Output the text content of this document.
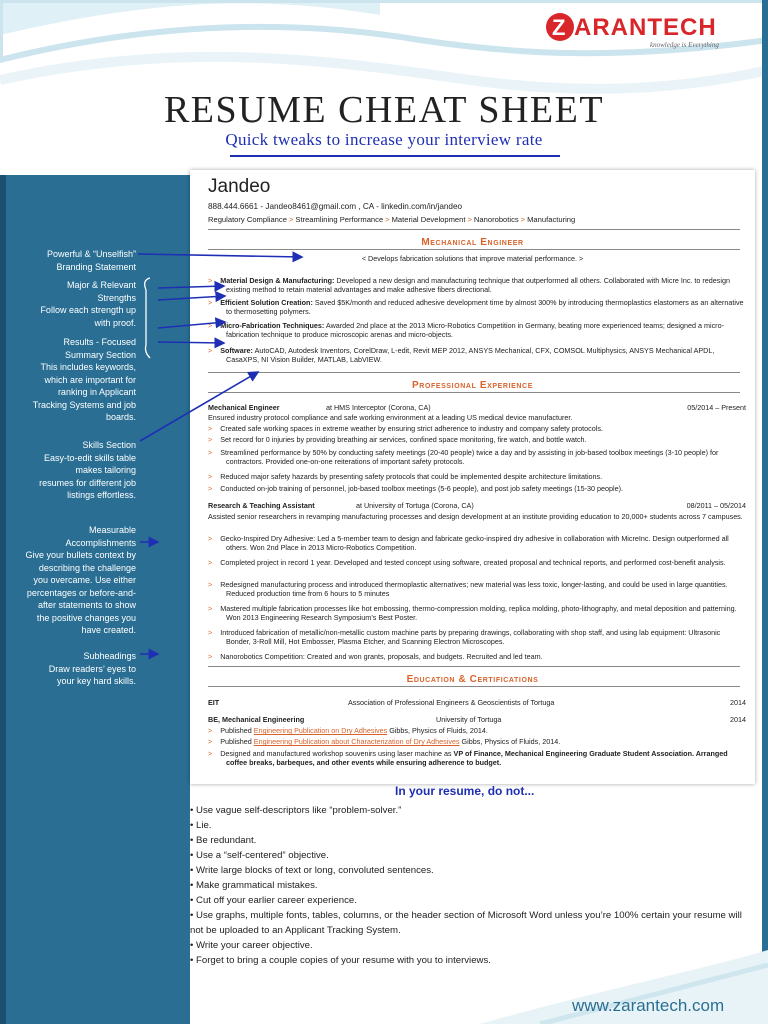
Z ARANTECH
knowledge is Everything
RESUME CHEAT SHEET
Quick tweaks to increase your interview rate
Powerful & “Unselfish”
Branding Statement
Major & Relevant
Strengths
Follow each strength up
with proof.
Results - Focused
Summary Section
This includes keywords,
which are important for
ranking in Applicant
Tracking Systems and job
boards.
Skills Section
Easy-to-edit skills table
makes tailoring
resumes for different job
listings effortless.
Measurable
Accomplishments
Give your bullets context by
describing the challenge
you overcame. Use either
percentages or before-and-
after statements to show
the positive changes you
have created.
Subheadings
Draw readers’ eyes to
your key hard skills.
Jandeo
888.444.6661 - Jandeo8461@gmail.com , CA - linkedin.com/in/jandeo
Regulatory Compliance > Streamlining Performance > Material Development > Nanorobotics > Manufacturing
Mechanical Engineer
< Develops fabrication solutions that improve material performance. >
> Material Design & Manufacturing: Developed a new design and manufacturing technique that outperformed all others. Collaborated with Micre Inc. to redesign existing method to retain material advantages and make adhesive fibers directional.
> Efficient Solution Creation: Saved $5K/month and reduced adhesive development time by almost 300% by introducing thermoplastics elastomers as an alternative to thermosetting polymers.
> Micro-Fabrication Techniques: Awarded 2nd place at the 2013 Micro-Robotics Competition in Germany, beating more experienced teams; designed a micro-fabrication technique to produce microscopic arenas and micro-objects.
> Software: AutoCAD, Autodesk Inventors, CorelDraw, L-edit, Revit MEP 2012, ANSYS Mechanical, CFX, COMSOL Multiphysics, ANSYS Mechanical APDL, CasaXPS, NI Vision Builder, MATLAB, LabVIEW.
Professional Experience
Mechanical Engineer	at HMS Interceptor (Corona, CA)	05/2014 – Present
Ensured industry protocol compliance and safe working environment at a leading US medical device manufacturer.
> Created safe working spaces in extreme weather by ensuring strict adherence to industry and company safety protocols.
> Set record for 0 injuries by providing breathing air services, confined space monitoring, fire watch, and bottle watch.
> Streamlined performance by 50% by conducting safety meetings (20-40 people) twice a day and by assisting in job-based toolbox meetings (3-10 people) for contractors. Provided one-on-one reiterations of important safety protocols.
> Reduced major safety hazards by presenting safety protocols that could be implemented despite architecture limitations.
> Conducted on-job training of personnel, job-based toolbox meetings (5-6 people), and post job safety meetings (15-30 people).
Research & Teaching Assistant	at University of Tortuga (Corona, CA)	08/2011 – 05/2014
Assisted senior researchers in revamping manufacturing processes and design development at an institute providing education to 20,000+ students across 7 campuses.
> Gecko-Inspired Dry Adhesive: Led a 5-member team to design and fabricate gecko-inspired dry adhesive in collaboration with MicreInc. Design outperformed all others. Won 2nd Place in 2013 Micro-Robotics Competition.
> Completed project in record 1 year. Developed and tested concept using software, created proposal and technical reports, and performed cost-benefit analysis.
> Redesigned manufacturing process and introduced thermoplastic alternatives; new material was less toxic, longer-lasting, and could be used in large quantities. Reduced production time from 6 hours to 5 minutes
> Mastered multiple fabrication processes like hot embossing, thermo-compression molding, replica molding, photo-lithography, and metal deposition and patterning. Won 2013 Engineering Research Symposium’s Best Poster.
> Introduced fabrication of metallic/non-metallic custom machine parts by preparing drawings, collaborating with shop staff, and using lab equipment: Ultrasonic Bonder, 3-Roll Mill, Hot Embosser, Plasma Etcher, and Scanning Electron Microscopes.
> Nanorobotics Competition: Created and won grants, proposals, and budgets. Recruited and led team.
Education & Certifications
EIT	Association of Professional Engineers & Geoscientists of Tortuga	2014
BE, Mechanical Engineering	University of Tortuga	2014
> Published Engineering Publication on Dry Adhesives Gibbs, Physics of Fluids, 2014.
> Published Engineering Publication about Characterization of Dry Adhesives Gibbs, Physics of Fluids, 2014.
> Designed and manufactured workshop souvenirs using laser machine as VP of Finance, Mechanical Engineering Graduate Student Association. Arranged coffee breaks, barbeques, and other events while ensuring adherence to budget.
In your resume, do not...
• Use vague self-descriptors like “problem-solver.”
• Lie.
• Be redundant.
• Use a “self-centered” objective.
• Write large blocks of text or long, convoluted sentences.
• Make grammatical mistakes.
• Cut off your earlier career experience.
• Use graphs, multiple fonts, tables, columns, or the header section of Microsoft Word unless you’re 100% certain your resume will not be uploaded to an Applicant Tracking System.
• Write your career objective.
• Forget to bring a couple copies of your resume with you to interviews.
www.zarantech.com
